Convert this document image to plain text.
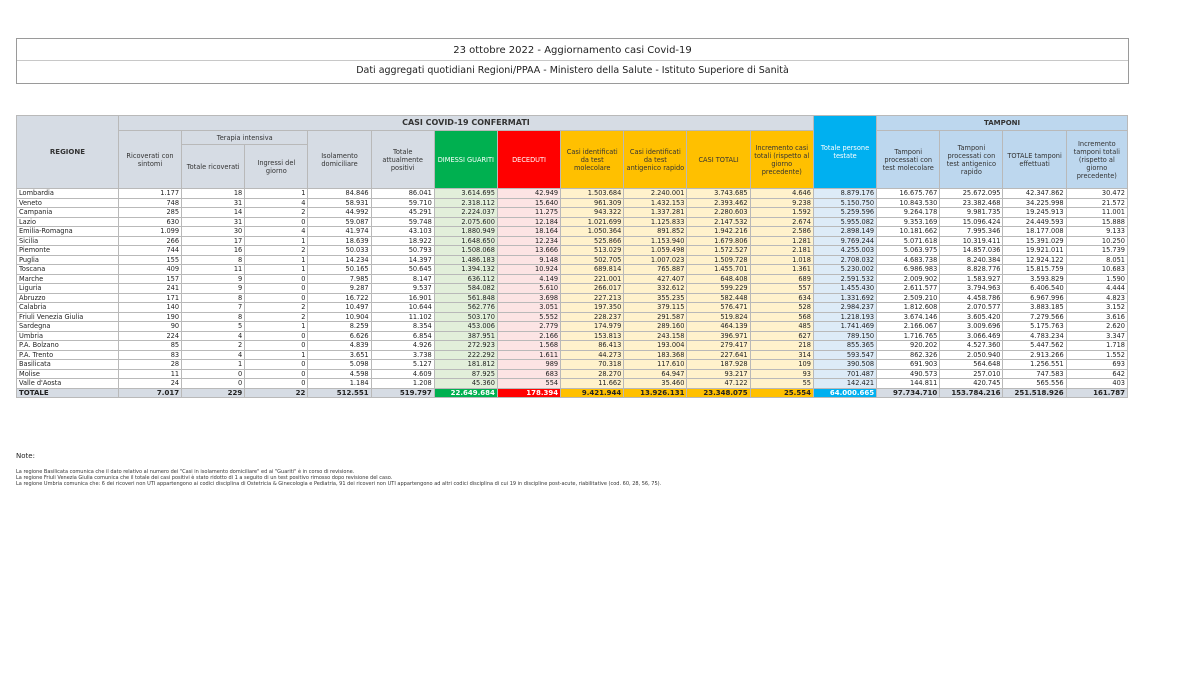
23 ottobre 2022 - Aggiornamento casi Covid-19
Dati aggregati quotidiani Regioni/PPAA - Ministero della Salute - Istituto Superiore di Sanità
REGIONE	CASI COVID-19 CONFERMATI											Totale persone testate	TAMPONI			
	Ricoverati con sintomi	Terapia intensiva		Isolamento domiciliare	Totale attualmente positivi	DIMESSI GUARITI	DECEDUTI	Casi identificati da test molecolare	Casi identificati da test antigenico rapido	CASI TOTALI	Incremento casi totali (rispetto al giorno precedente)		Tamponi processati con test molecolare	Tamponi processati con test antigenico rapido	TOTALE tamponi effettuati	Incremento tamponi totali (rispetto al giorno precedente)
		Totale ricoverati	Ingressi del giorno													
Lombardia	1.177	18	1	84.846	86.041	3.614.695	42.949	1.503.684	2.240.001	3.743.685	4.646	8.879.176	16.675.767	25.672.095	42.347.862	30.472
Veneto	748	31	4	58.931	59.710	2.318.112	15.640	961.309	1.432.153	2.393.462	9.238	5.150.750	10.843.530	23.382.468	34.225.998	21.572
Campania	285	14	2	44.992	45.291	2.224.037	11.275	943.322	1.337.281	2.280.603	1.592	5.259.596	9.264.178	9.981.735	19.245.913	11.001
Lazio	630	31	0	59.087	59.748	2.075.600	12.184	1.021.699	1.125.833	2.147.532	2.674	5.955.082	9.353.169	15.096.424	24.449.593	15.888
Emilia-Romagna	1.099	30	4	41.974	43.103	1.880.949	18.164	1.050.364	891.852	1.942.216	2.586	2.898.149	10.181.662	7.995.346	18.177.008	9.133
Sicilia	266	17	1	18.639	18.922	1.648.650	12.234	525.866	1.153.940	1.679.806	1.281	9.769.244	5.071.618	10.319.411	15.391.029	10.250
Piemonte	744	16	2	50.033	50.793	1.508.068	13.666	513.029	1.059.498	1.572.527	2.181	4.255.003	5.063.975	14.857.036	19.921.011	15.739
Puglia	155	8	1	14.234	14.397	1.486.183	9.148	502.705	1.007.023	1.509.728	1.018	2.708.032	4.683.738	8.240.384	12.924.122	8.051
Toscana	409	11	1	50.165	50.645	1.394.132	10.924	689.814	765.887	1.455.701	1.361	5.230.002	6.986.983	8.828.776	15.815.759	10.683
Marche	157	9	0	7.985	8.147	636.112	4.149	221.001	427.407	648.408	689	2.591.532	2.009.902	1.583.927	3.593.829	1.590
Liguria	241	9	0	9.287	9.537	584.082	5.610	266.017	332.612	599.229	557	1.455.430	2.611.577	3.794.963	6.406.540	4.444
Abruzzo	171	8	0	16.722	16.901	561.848	3.698	227.213	355.235	582.448	634	1.331.692	2.509.210	4.458.786	6.967.996	4.823
Calabria	140	7	2	10.497	10.644	562.776	3.051	197.350	379.115	576.471	528	2.984.237	1.812.608	2.070.577	3.883.185	3.152
Friuli Venezia Giulia	190	8	2	10.904	11.102	503.170	5.552	228.237	291.587	519.824	568	1.218.193	3.674.146	3.605.420	7.279.566	3.616
Sardegna	90	5	1	8.259	8.354	453.006	2.779	174.979	289.160	464.139	485	1.741.469	2.166.067	3.009.696	5.175.763	2.620
Umbria	224	4	0	6.626	6.854	387.951	2.166	153.813	243.158	396.971	627	789.150	1.716.765	3.066.469	4.783.234	3.347
P.A. Bolzano	85	2	0	4.839	4.926	272.923	1.568	86.413	193.004	279.417	218	855.365	920.202	4.527.360	5.447.562	1.718
P.A. Trento	83	4	1	3.651	3.738	222.292	1.611	44.273	183.368	227.641	314	593.547	862.326	2.050.940	2.913.266	1.552
Basilicata	28	1	0	5.098	5.127	181.812	989	70.318	117.610	187.928	109	390.508	691.903	564.648	1.256.551	693
Molise	11	0	0	4.598	4.609	87.925	683	28.270	64.947	93.217	93	701.487	490.573	257.010	747.583	642
Valle d'Aosta	24	0	0	1.184	1.208	45.360	554	11.662	35.460	47.122	55	142.421	144.811	420.745	565.556	403
TOTALE	7.017	229	22	512.551	519.797	22.649.684	178.394	9.421.944	13.926.131	23.348.075	25.554	64.000.665	97.734.710	153.784.216	251.518.926	161.787
Note:
La regione Basilicata comunica che il dato relativo al numero dei "Casi in isolamento domiciliare" ed ai "Guariti" è in corso di revisione.
La regione Friuli Venezia Giulia comunica che il totale dei casi positivi è stato ridotto di 1 a seguito di un test positivo rimosso dopo revisione del caso.
La regione Umbria comunica che: 6 dei ricoveri non UTI appartengono ai codici disciplina di Ostetricia & Ginecologia e Pediatria, 91 dei ricoveri non UTI appartengono ad altri codici disciplina di cui 19 in discipline post-acute, riabilitative (cod. 60, 28, 56, 75).
